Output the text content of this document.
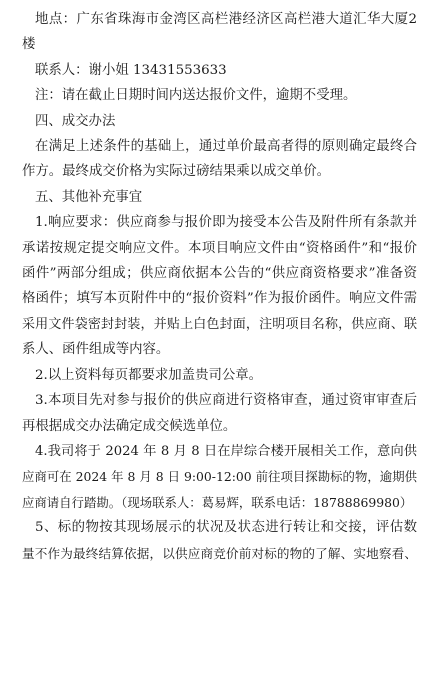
地点：广东省珠海市金湾区高栏港经济区高栏港大道汇华大厦2
楼
联系人：谢小姐 13431553633
注：请在截止日期时间内送达报价文件，逾期不受理。
四、成交办法
在满足上述条件的基础上，通过单价最高者得的原则确定最终合
作方。最终成交价格为实际过磅结果乘以成交单价。
五、其他补充事宜
1.响应要求：供应商参与报价即为接受本公告及附件所有条款并
承诺按规定提交响应文件。本项目响应文件由“资格函件”和“报价
函件”两部分组成；供应商依据本公告的“供应商资格要求”准备资
格函件；填写本页附件中的“报价资料”作为报价函件。响应文件需
采用文件袋密封封装，并贴上白色封面，注明项目名称，供应商、联
系人、函件组成等内容。
2.以上资料每页都要求加盖贵司公章。
3.本项目先对参与报价的供应商进行资格审查，通过资审审查后
再根据成交办法确定成交候选单位。
4.我司将于 2024 年 8 月 8 日在岸综合楼开展相关工作，意向供
应商可在 2024 年 8 月 8 日 9:00-12:00 前往项目探勘标的物，逾期供
应商请自行踏勘。（现场联系人：葛易辉，联系电话：18788869980）
5、标的物按其现场展示的状况及状态进行转让和交接，评估数
量不作为最终结算依据，以供应商竞价前对标的物的了解、实地察看、
